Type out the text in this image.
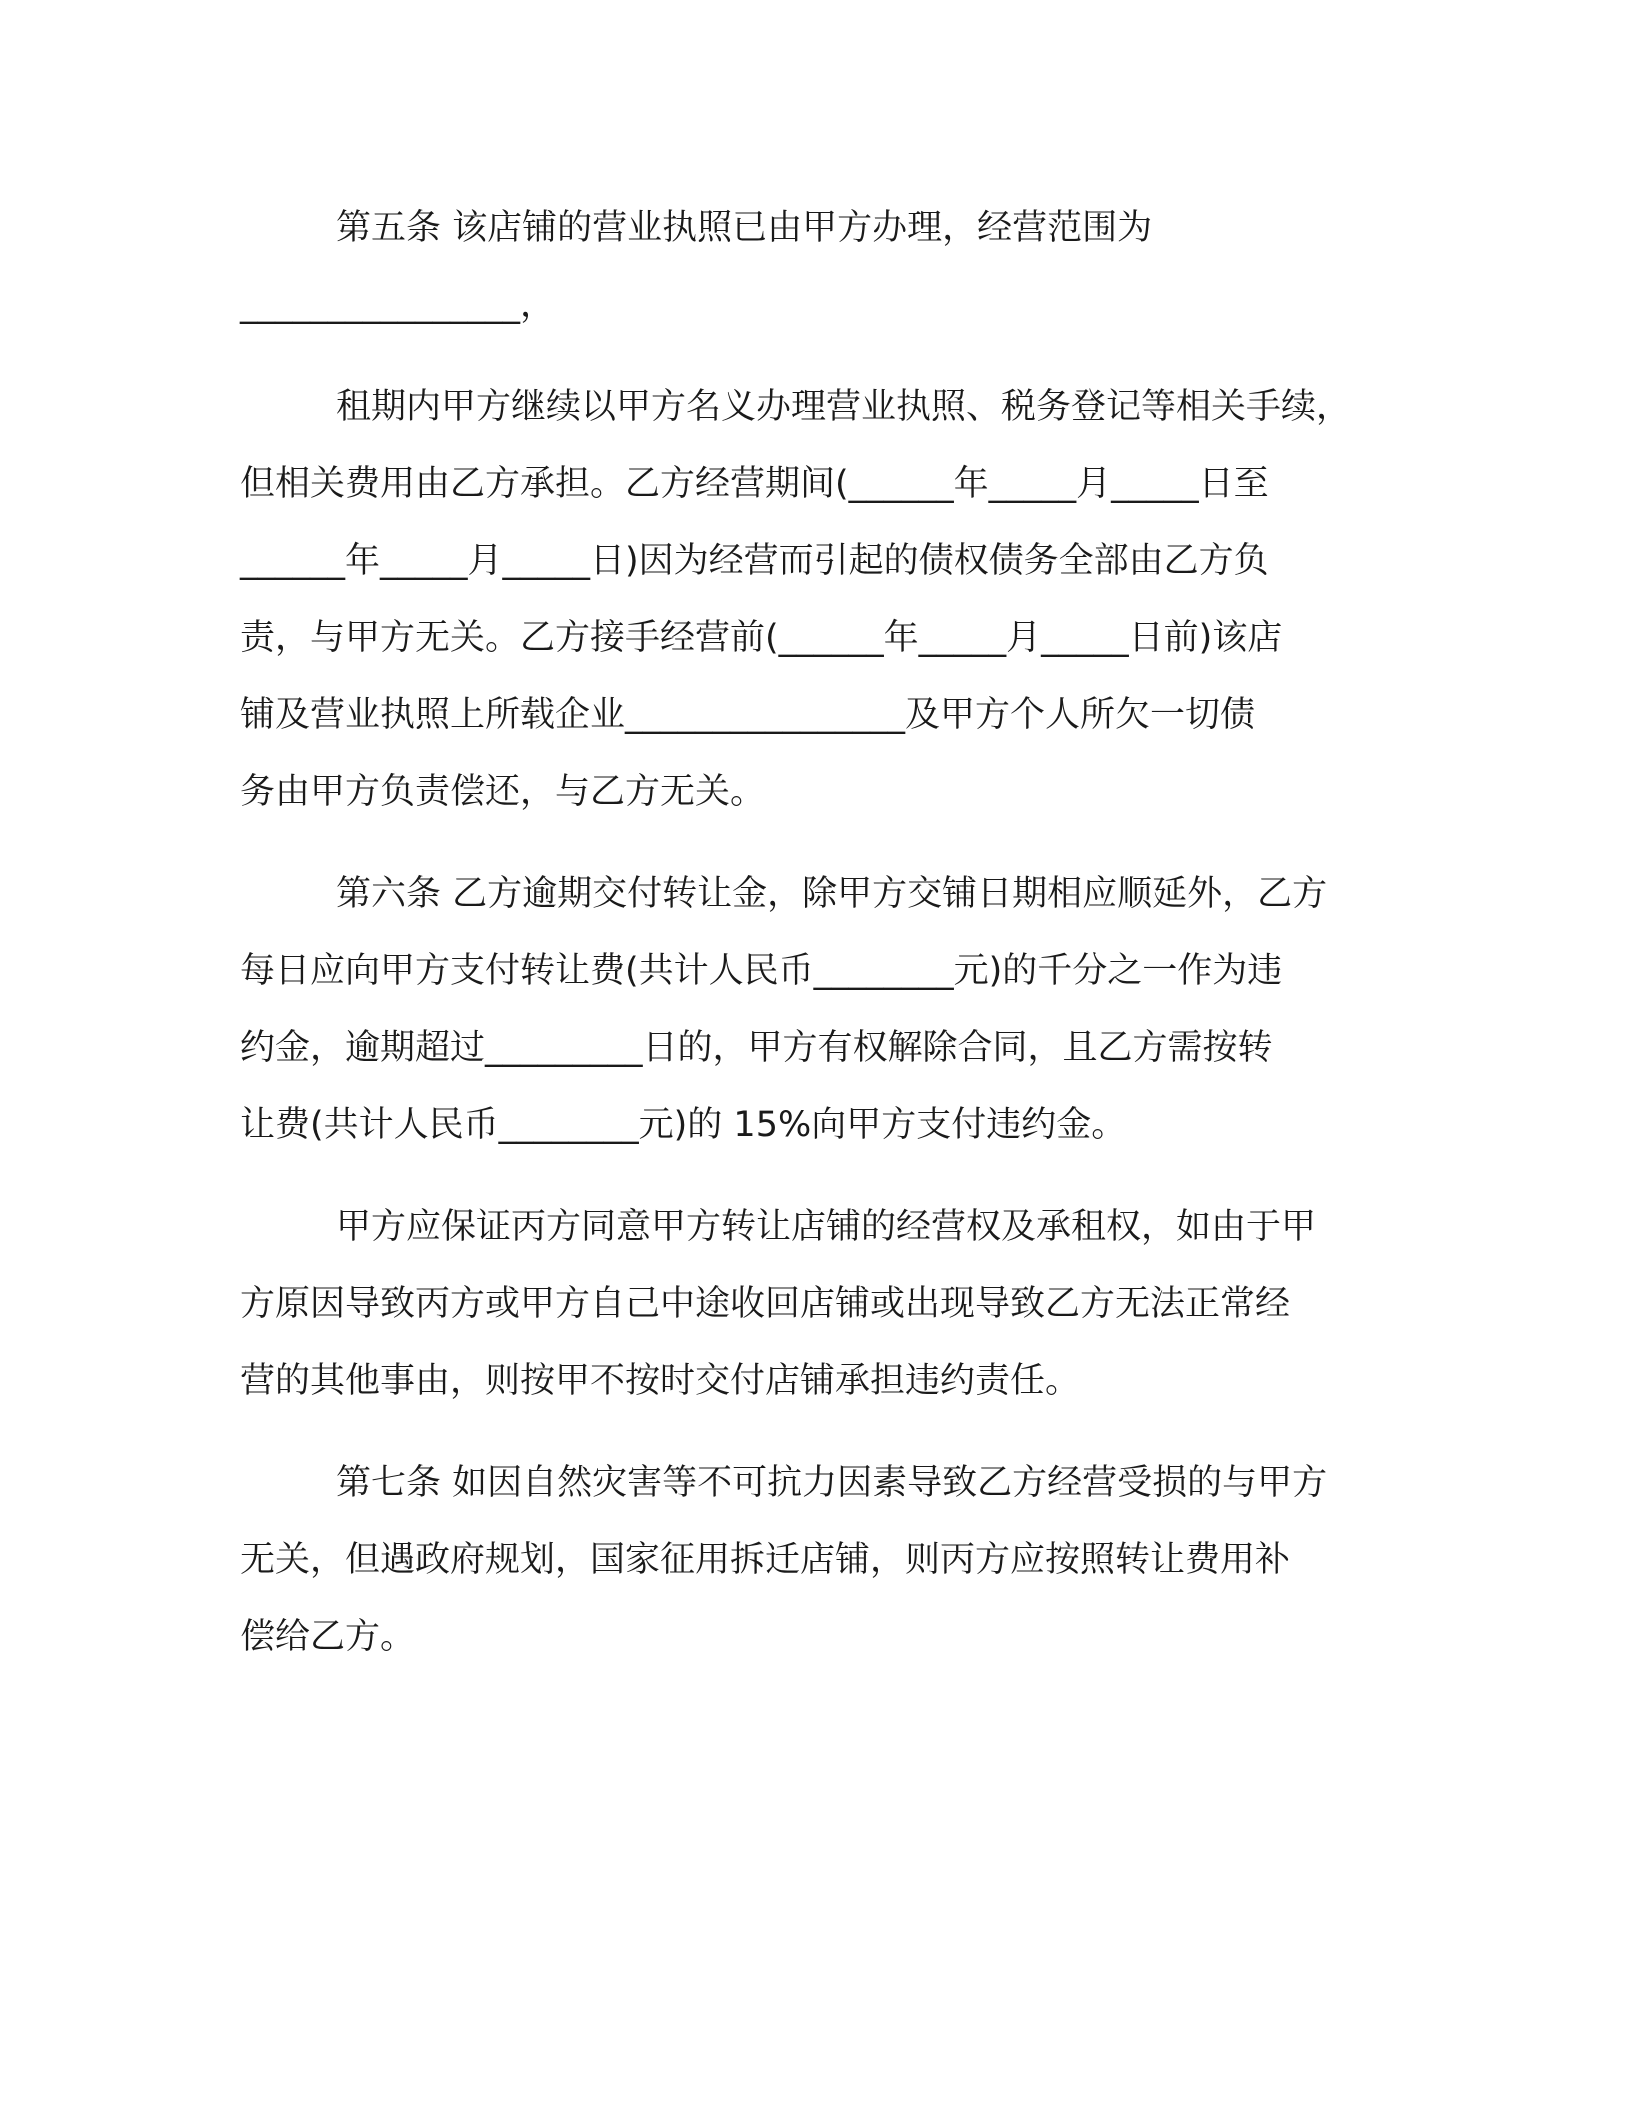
第五条 该店铺的营业执照已由甲方办理，经营范围为
________________，
租期内甲方继续以甲方名义办理营业执照、税务登记等相关手续，
但相关费用由乙方承担。乙方经营期间(______年_____月_____日至
______年_____月_____日)因为经营而引起的债权债务全部由乙方负
责，与甲方无关。乙方接手经营前(______年_____月_____日前)该店
铺及营业执照上所载企业________________及甲方个人所欠一切债
务由甲方负责偿还，与乙方无关。
第六条 乙方逾期交付转让金，除甲方交铺日期相应顺延外，乙方
每日应向甲方支付转让费(共计人民币________元)的千分之一作为违
约金，逾期超过_________日的，甲方有权解除合同，且乙方需按转
让费(共计人民币________元)的 15%向甲方支付违约金。
甲方应保证丙方同意甲方转让店铺的经营权及承租权，如由于甲
方原因导致丙方或甲方自己中途收回店铺或出现导致乙方无法正常经
营的其他事由，则按甲不按时交付店铺承担违约责任。
第七条 如因自然灾害等不可抗力因素导致乙方经营受损的与甲方
无关，但遇政府规划，国家征用拆迁店铺，则丙方应按照转让费用补
偿给乙方。
